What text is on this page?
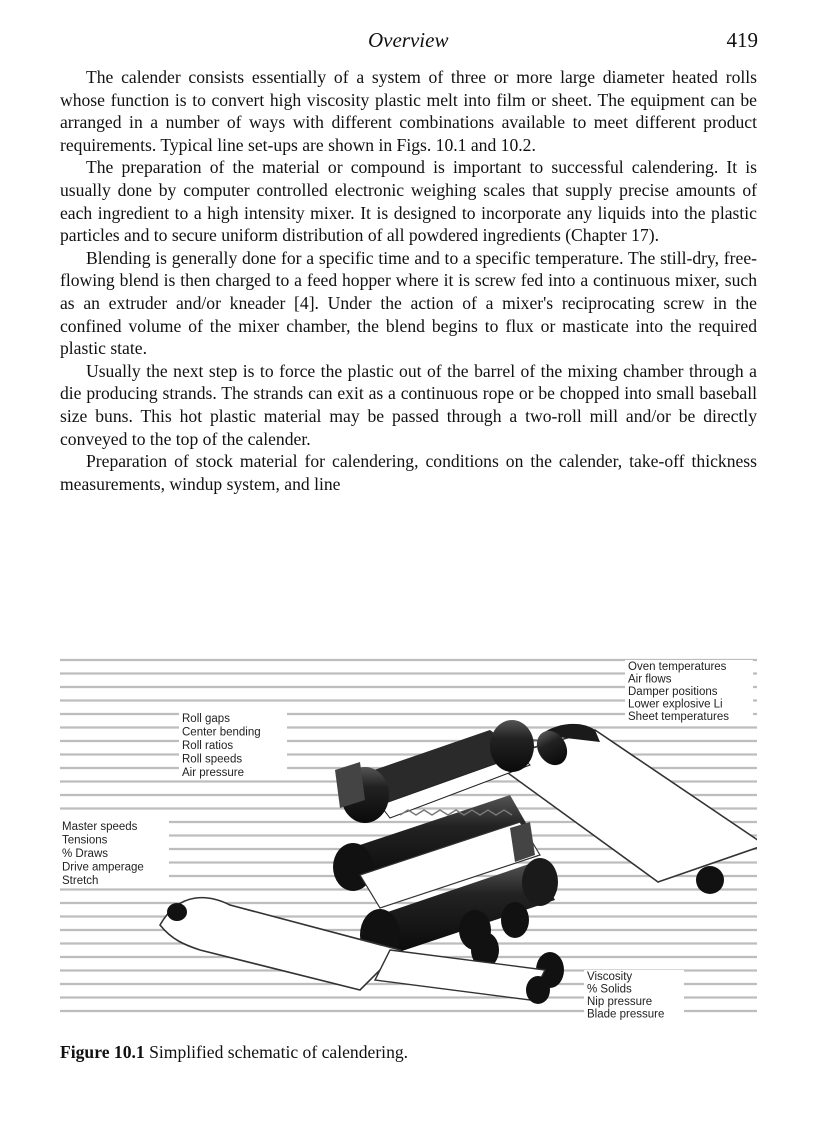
Overview	419

The calender consists essentially of a system of three or more large diameter heated rolls whose function is to convert high viscosity plastic melt into film or sheet. The equipment can be arranged in a number of ways with different combinations available to meet different product requirements. Typical line set-ups are shown in Figs. 10.1 and 10.2.

The preparation of the material or compound is important to successful calendering. It is usually done by computer controlled electronic weighing scales that supply precise amounts of each ingredient to a high intensity mixer. It is designed to incorporate any liquids into the plastic particles and to secure uniform distribution of all powdered ingredients (Chapter 17).

Blending is generally done for a specific time and to a specific temperature. The still-dry, free-flowing blend is then charged to a feed hopper where it is screw fed into a continuous mixer, such as an extruder and/or kneader [4]. Under the action of a mixer's reciprocating screw in the confined volume of the mixer chamber, the blend begins to flux or masticate into the required plastic state.

Usually the next step is to force the plastic out of the barrel of the mixing chamber through a die producing strands. The strands can exit as a continuous rope or be chopped into small baseball size buns. This hot plastic material may be passed through a two-roll mill and/or be directly conveyed to the top of the calender.

Preparation of stock material for calendering, conditions on the calender, take-off thickness measurements, windup system, and line

Oven temperatures
Air flows
Damper positions
Lower explosive Li
Sheet temperatures
Roll gaps
Center bending
Roll ratios
Roll speeds
Air pressure
Master speeds
Tensions
% Draws
Drive amperage
Stretch
Viscosity
% Solids
Nip pressure
Blade pressure
Figure 10.1 Simplified schematic of calendering.
